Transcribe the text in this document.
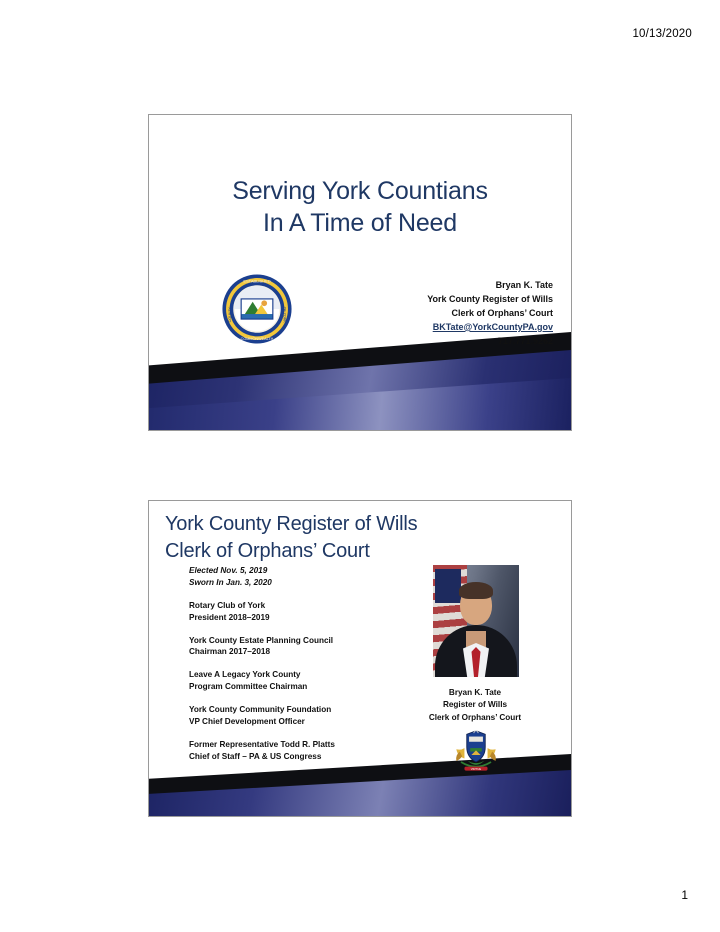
10/13/2020
1
Serving York Countians
In A Time of Need
ESTABLISHED
COMMONWEALTH
COUNTY	OF YORK
Bryan K. Tate
York County Register of Wills
Clerk of Orphans’ Court
BKTate@YorkCountyPA.gov
717.771.9262
York County Register of Wills
Clerk of Orphans’ Court
Elected Nov. 5, 2019
Sworn In Jan. 3, 2020
Rotary Club of York
President 2018–2019
York County Estate Planning Council
Chairman 2017–2018
Leave A Legacy York County
Program Committee Chairman
York County Community Foundation
VP Chief Development Officer
Former Representative Todd R. Platts
Chief of Staff – PA & US Congress
Bryan K. Tate
Register of Wills
Clerk of Orphans’ Court
VIRTUE
